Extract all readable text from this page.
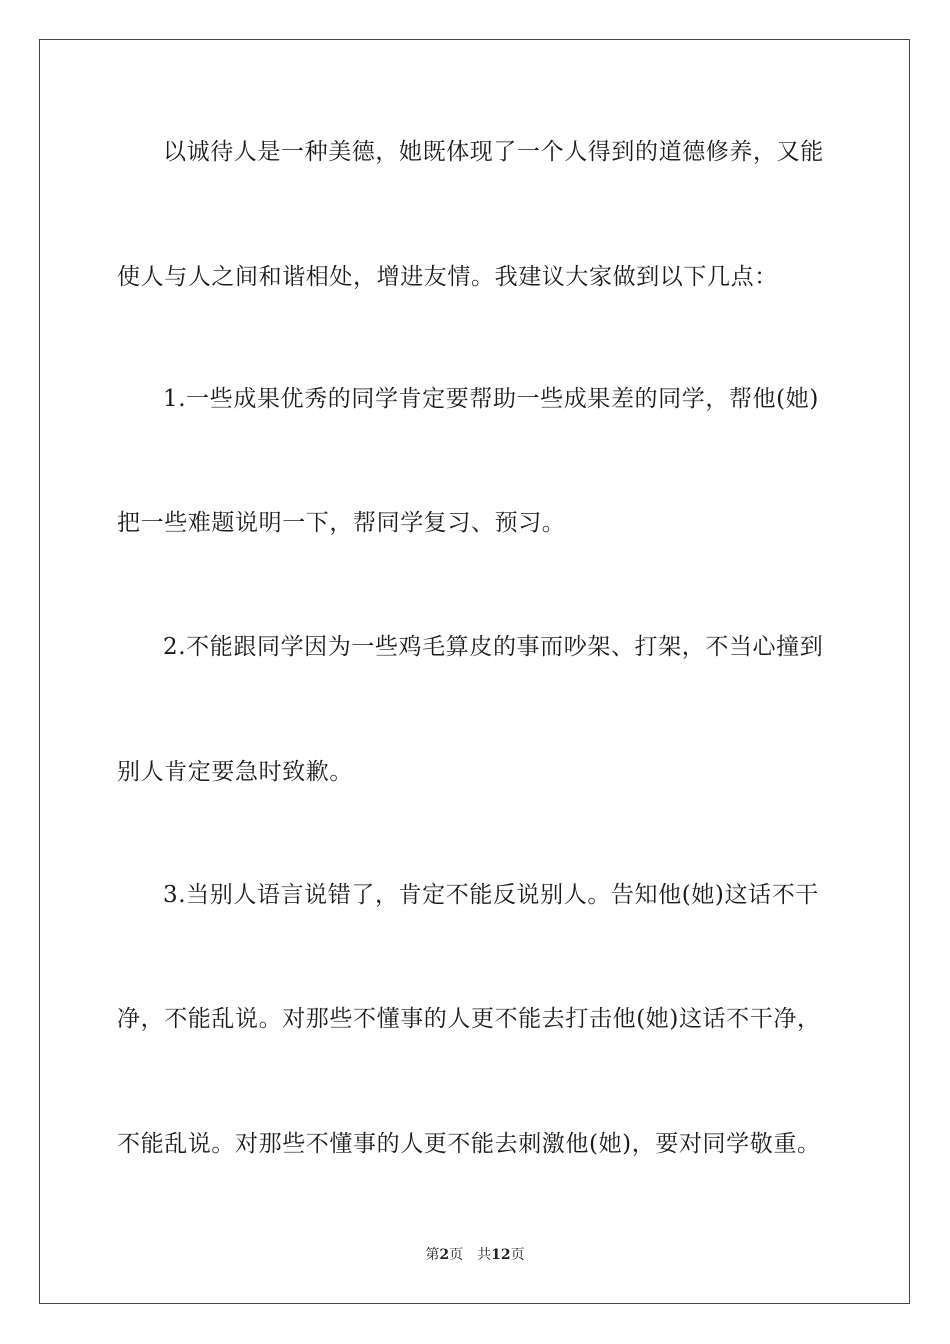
以诚待人是一种美德，她既体现了一个人得到的道德修养，又能
使人与人之间和谐相处，增进友情。我建议大家做到以下几点：
1.一些成果优秀的同学肯定要帮助一些成果差的同学，帮他(她)
把一些难题说明一下，帮同学复习、预习。
2.不能跟同学因为一些鸡毛算皮的事而吵架、打架，不当心撞到
别人肯定要急时致歉。
3.当别人语言说错了，肯定不能反说别人。告知他(她)这话不干
净，不能乱说。对那些不懂事的人更不能去打击他(她)这话不干净，
不能乱说。对那些不懂事的人更不能去刺激他(她)，要对同学敬重。
第2页 共12页
